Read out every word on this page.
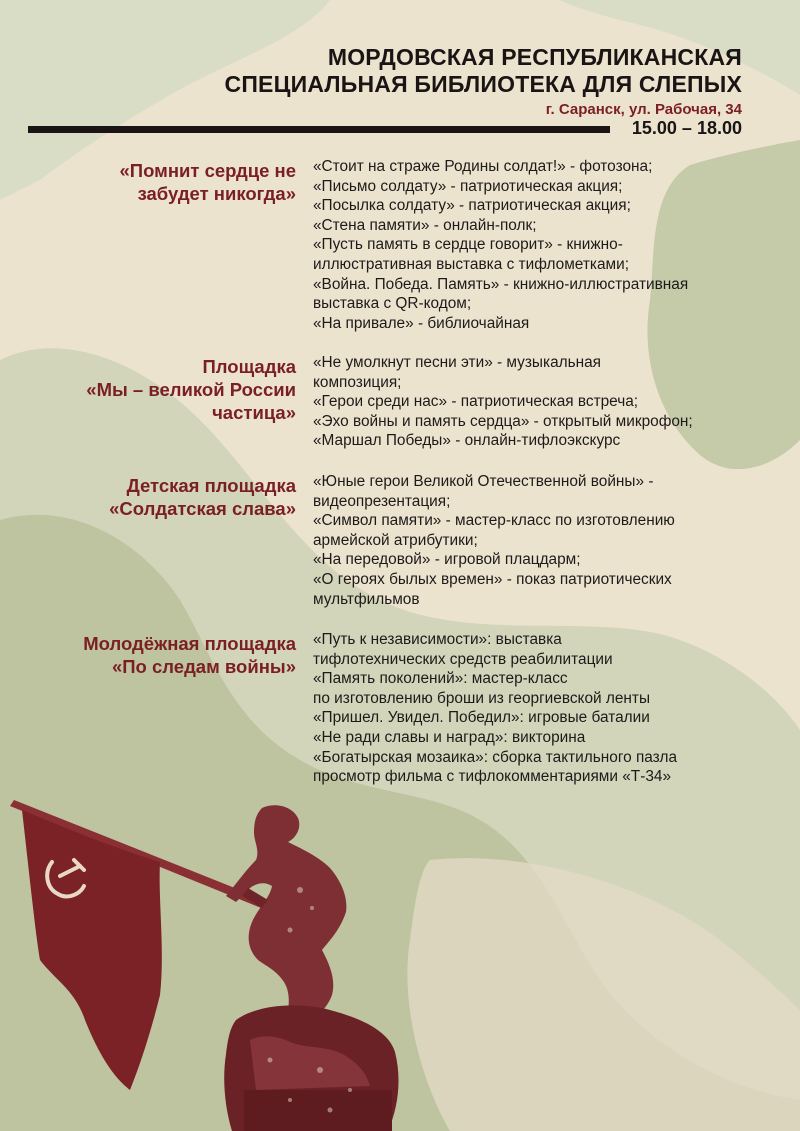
МОРДОВСКАЯ РЕСПУБЛИКАНСКАЯ
СПЕЦИАЛЬНАЯ БИБЛИОТЕКА ДЛЯ СЛЕПЫХ
г. Саранск, ул. Рабочая, 34
15.00 – 18.00
«Помнит сердце не
забудет никогда»
«Стоит на страже Родины солдат!» - фотозона;
«Письмо солдату» - патриотическая акция;
«Посылка солдату» - патриотическая акция;
«Стена памяти» - онлайн-полк;
«Пусть память в сердце говорит» - книжно-
иллюстративная выставка с тифлометками;
«Война. Победа. Память» - книжно-иллюстративная
выставка с QR-кодом;
«На привале» - библиочайная
Площадка
«Мы – великой России
частица»
«Не умолкнут песни эти» - музыкальная
композиция;
«Герои среди нас» - патриотическая встреча;
«Эхо войны и память сердца» - открытый микрофон;
«Маршал Победы» - онлайн-тифлоэкскурс
Детская площадка
«Солдатская слава»
«Юные герои Великой Отечественной войны» -
видеопрезентация;
«Символ памяти» - мастер-класс по изготовлению
армейской атрибутики;
«На передовой» - игровой плацдарм;
«О героях былых времен» - показ патриотических
мультфильмов
Молодёжная площадка
«По следам войны»
«Путь к независимости»: выставка
тифлотехнических средств реабилитации
«Память поколений»: мастер-класс
по изготовлению броши из георгиевской ленты
«Пришел. Увидел. Победил»: игровые баталии
«Не ради славы и наград»: викторина
«Богатырская мозаика»: сборка тактильного пазла
просмотр фильма с тифлокомментариями «Т-34»
